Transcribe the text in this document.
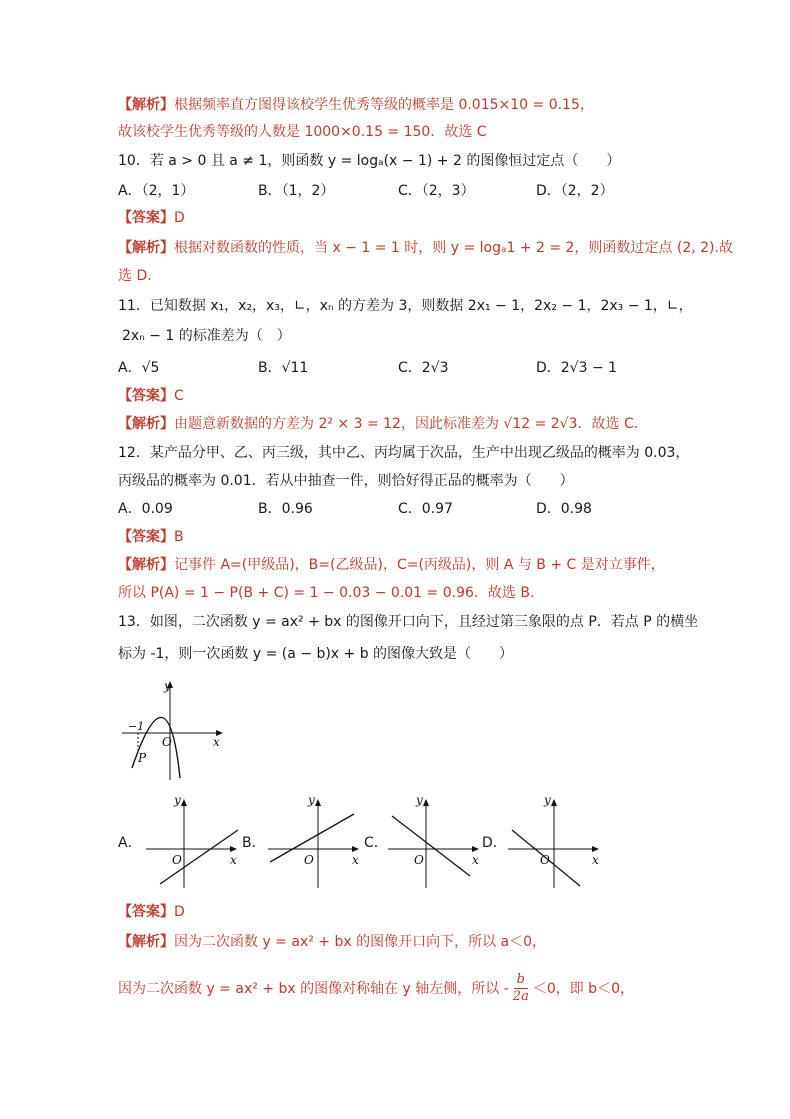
【解析】根据频率直方图得该校学生优秀等级的概率是 0.015×10 = 0.15，
故该校学生优秀等级的人数是 1000×0.15 = 150．故选 C
10．若 a > 0 且 a ≠ 1，则函数 y = logₐ(x − 1) + 2 的图像恒过定点（　　）
A．（2，1）	B．（1，2）	C．（2，3）	D．（2，2）
【答案】D
【解析】根据对数函数的性质，当 x − 1 = 1 时，则 y = logₐ1 + 2 = 2，则函数过定点 (2, 2).故
选 D.
11．已知数据 x₁，x₂，x₃，∟，xₙ 的方差为 3，则数据 2x₁ − 1，2x₂ − 1，2x₃ − 1，∟，
2xₙ − 1 的标准差为（　）
A．√5	B．√11	C．2√3	D．2√3 − 1
【答案】C
【解析】由题意新数据的方差为 2² × 3 = 12，因此标准差为 √12 = 2√3．故选 C．
12．某产品分甲、乙、丙三级，其中乙、丙均属于次品，生产中出现乙级品的概率为 0.03，
丙级品的概率为 0.01．若从中抽查一件，则恰好得正品的概率为（　　）
A．0.09	B．0.96	C．0.97	D．0.98
【答案】B
【解析】记事件 A=(甲级品)，B=(乙级品)，C=(丙级品)，则 A 与 B + C 是对立事件，
所以 P(A) = 1 − P(B + C) = 1 − 0.03 − 0.01 = 0.96．故选 B.
13．如图，二次函数 y = ax² + bx 的图像开口向下，且经过第三象限的点 P．若点 P 的横坐
标为 -1，则一次函数 y = (a − b)x + b 的图像大致是（　　）
y
x
O
P
−1
A．
y
x
O
B．
y
x
O
C．
y
x
O
D．
y
x
O
【答案】D
【解析】因为二次函数 y = ax² + bx 的图像开口向下，所以 a＜0，
因为二次函数 y = ax² + bx 的图像对称轴在 y 轴左侧，所以 - $\frac{b}{2a} <0$，即 b＜0，
